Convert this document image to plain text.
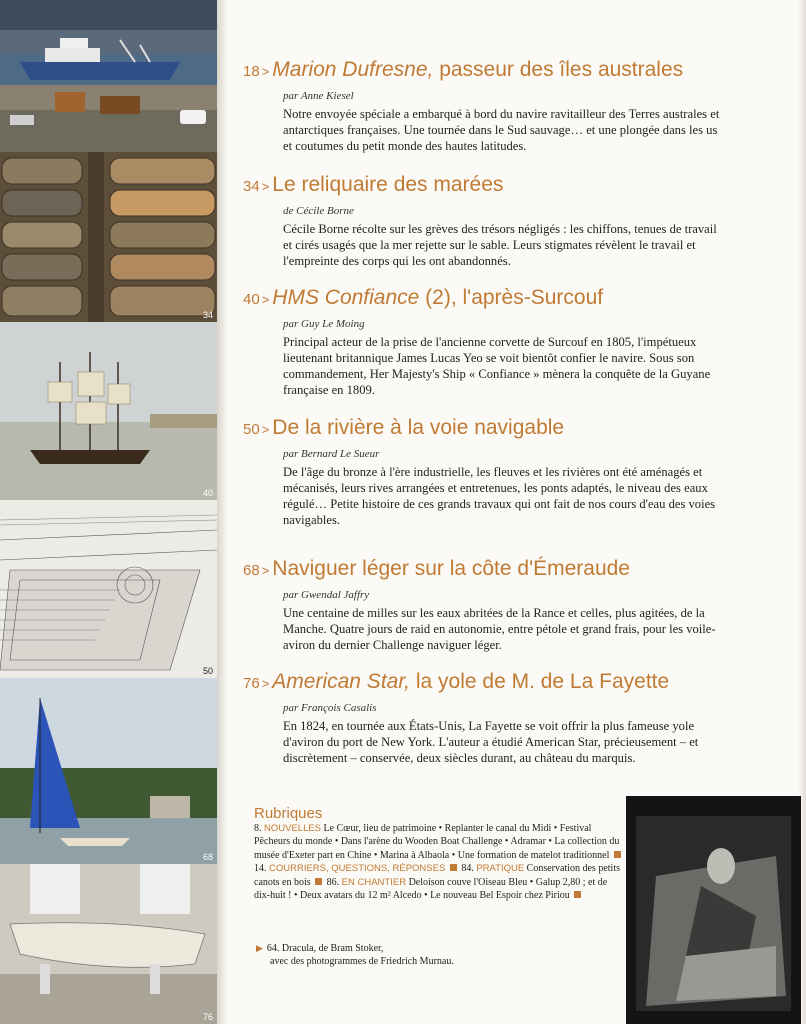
34
40
50
68
76
18 > Marion Dufresne, passeur des îles australes
par Anne Kiesel
Notre envoyée spéciale a embarqué à bord du navire ravitailleur des Terres australes et antarctiques françaises. Une tournée dans le Sud sauvage… et une plongée dans les us et coutumes du petit monde des hautes latitudes.
34 > Le reliquaire des marées
de Cécile Borne
Cécile Borne récolte sur les grèves des trésors négligés : les chiffons, tenues de travail et cirés usagés que la mer rejette sur le sable. Leurs stigmates révèlent le travail et l'empreinte des corps qui les ont abandonnés.
40 > HMS Confiance (2), l'après-Surcouf
par Guy Le Moing
Principal acteur de la prise de l'ancienne corvette de Surcouf en 1805, l'impétueux lieutenant britannique James Lucas Yeo se voit bientôt confier le navire. Sous son commandement, Her Majesty's Ship « Confiance » mènera la conquête de la Guyane française en 1809.
50 > De la rivière à la voie navigable
par Bernard Le Sueur
De l'âge du bronze à l'ère industrielle, les fleuves et les rivières ont été aménagés et mécanisés, leurs rives arrangées et entretenues, les ponts adaptés, le niveau des eaux régulé… Petite histoire de ces grands travaux qui ont fait de nos cours d'eau des voies navigables.
68 > Naviguer léger sur la côte d'Émeraude
par Gwendal Jaffry
Une centaine de milles sur les eaux abritées de la Rance et celles, plus agitées, de la Manche. Quatre jours de raid en autonomie, entre pétole et grand frais, pour les voile-aviron du dernier Challenge naviguer léger.
76 > American Star, la yole de M. de La Fayette
par François Casalis
En 1824, en tournée aux États-Unis, La Fayette se voit offrir la plus fameuse yole d'aviron du port de New York. L'auteur a étudié American Star, précieusement – et discrètement – conservée, deux siècles durant, au château du marquis.
Rubriques
8. NOUVELLES Le Cœur, lieu de patrimoine • Replanter le canal du Midi • Festival Pêcheurs du monde • Dans l'arène du Wooden Boat Challenge • Adramar • La collection du musée d'Exeter part en Chine • Marina à Albaola • Une formation de matelot traditionnel  14. COURRIERS, QUESTIONS, RÉPONSES  84. PRATIQUE Conservation des petits canots en bois  86. EN CHANTIER Deloison couve l'Oiseau Bleu • Galup 2,80 ; et de dix-huit ! • Deux avatars du 12 m² Alcedo • Le nouveau Bel Espoir chez Piriou
▶ 64. Dracula, de Bram Stoker,
avec des photogrammes de Friedrich Murnau.
